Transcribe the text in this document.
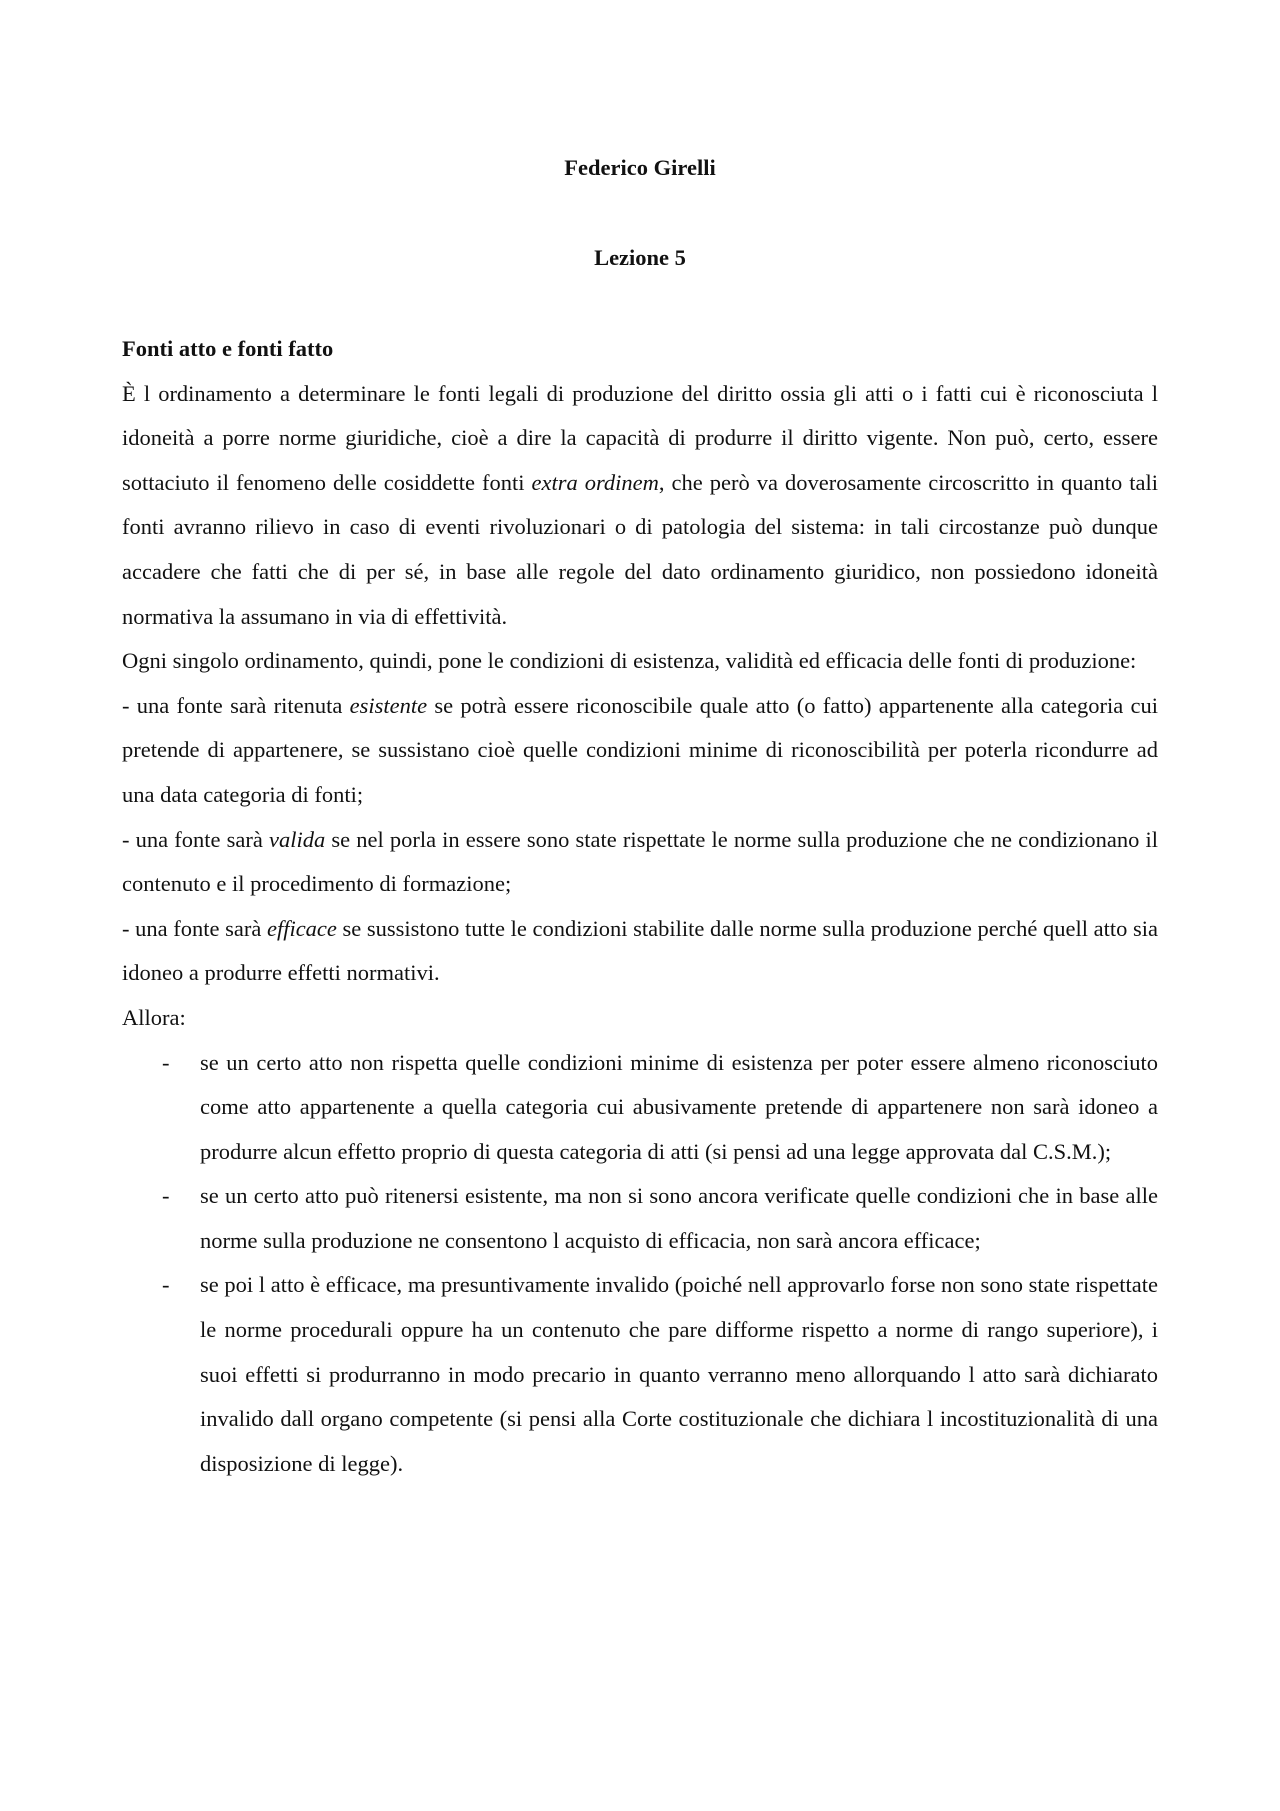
Federico Girelli

Lezione 5

Fonti atto e fonti fatto

È l ordinamento a determinare le fonti legali di produzione del diritto ossia gli atti o i fatti cui è riconosciuta l idoneità a porre norme giuridiche, cioè a dire la capacità di produrre il diritto vigente. Non può, certo, essere sottaciuto il fenomeno delle cosiddette fonti extra ordinem, che però va doverosamente circoscritto in quanto tali fonti avranno rilievo in caso di eventi rivoluzionari o di patologia del sistema: in tali circostanze può dunque accadere che fatti che di per sé, in base alle regole del dato ordinamento giuridico, non possiedono idoneità normativa la assumano in via di effettività.

Ogni singolo ordinamento, quindi, pone le condizioni di esistenza, validità ed efficacia delle fonti di produzione:

- una fonte sarà ritenuta esistente se potrà essere riconoscibile quale atto (o fatto) appartenente alla categoria cui pretende di appartenere, se sussistano cioè quelle condizioni minime di riconoscibilità per poterla ricondurre ad una data categoria di fonti;

- una fonte sarà valida se nel porla in essere sono state rispettate le norme sulla produzione che ne condizionano il contenuto e il procedimento di formazione;

- una fonte sarà efficace se sussistono tutte le condizioni stabilite dalle norme sulla produzione perché quell atto sia idoneo a produrre effetti normativi.

Allora:

- se un certo atto non rispetta quelle condizioni minime di esistenza per poter essere almeno riconosciuto come atto appartenente a quella categoria cui abusivamente pretende di appartenere non sarà idoneo a produrre alcun effetto proprio di questa categoria di atti (si pensi ad una legge approvata dal C.S.M.);
- se un certo atto può ritenersi esistente, ma non si sono ancora verificate quelle condizioni che in base alle norme sulla produzione ne consentono l acquisto di efficacia, non sarà ancora efficace;
- se poi l atto è efficace, ma presuntivamente invalido (poiché nell approvarlo forse non sono state rispettate le norme procedurali oppure ha un contenuto che pare difforme rispetto a norme di rango superiore), i suoi effetti si produrranno in modo precario in quanto verranno meno allorquando l atto sarà dichiarato invalido dall organo competente (si pensi alla Corte costituzionale che dichiara l incostituzionalità di una disposizione di legge).
